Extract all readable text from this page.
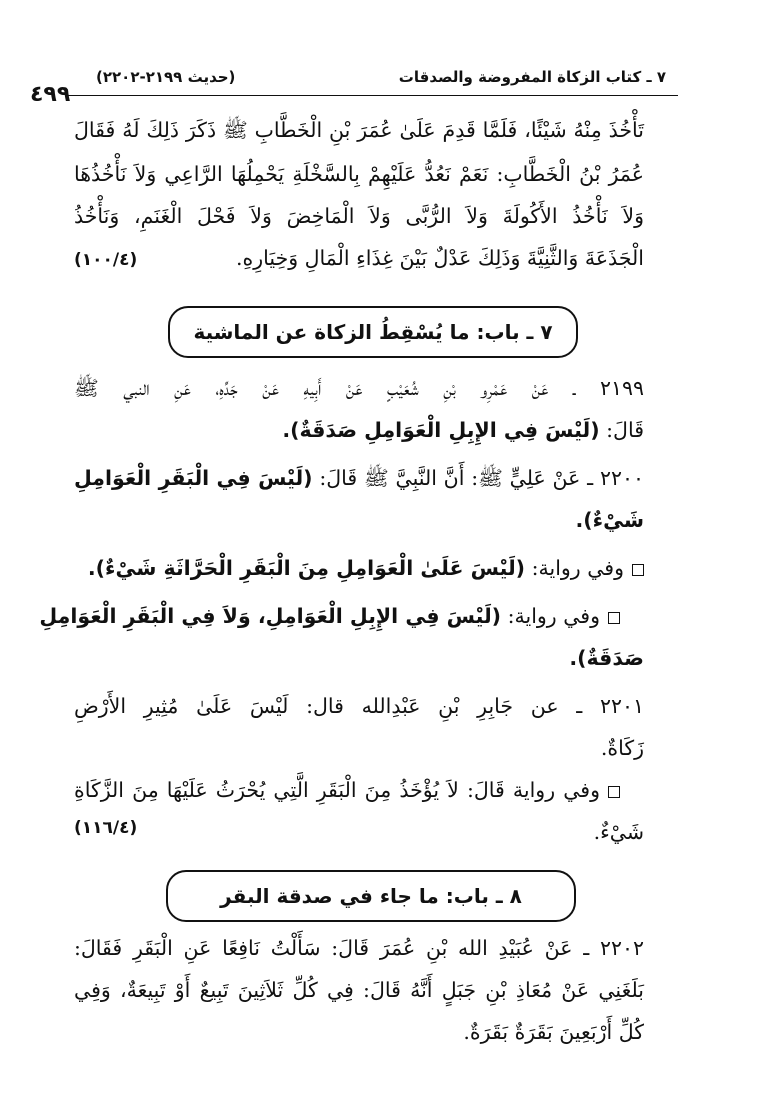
٧ ـ كتاب الزكاة المفروضة والصدقات
(حديث ٢١٩٩-٢٢٠٢)
٤٩٩
تَأْخُذَ مِنْهُ شَيْئًا، فَلَمَّا قَدِمَ عَلَىٰ عُمَرَ بْنِ الْخَطَّابِ ﷺ ذَكَرَ ذَلِكَ لَهُ فَقَالَ
عُمَرُ بْنُ الْخَطَّابِ: نَعَمْ نَعُدُّ عَلَيْهِمْ بِالسَّخْلَةِ يَحْمِلُهَا الرَّاعِي وَلاَ نَأْخُذُهَا
وَلاَ نَأْخُذُ الأَكُولَةَ وَلاَ الرُّبَّى وَلاَ الْمَاخِضَ وَلاَ فَحْلَ الْغَنَمِ، وَنَأْخُذُ
الْجَذَعَةَ وَالثَّنِيَّةَ وَذَلِكَ عَدْلٌ بَيْنَ غِذَاءِ الْمَالِ وَخِيَارِهِ.
(١٠٠/٤)
٧ ـ باب: ما يُسْقِطُ الزكاة عن الماشية
٢١٩٩ ـ عَنْ عَمْرِو بْنِ شُعَيْبٍ عَنْ أَبِيهِ عَنْ جَدِّهِ، عَنِ النبي ﷺ
قَالَ: (لَيْسَ فِي الإِبِلِ الْعَوَامِلِ صَدَقَةٌ).
٢٢٠٠ ـ عَنْ عَلِيٍّ ﷺ: أَنَّ النَّبِيَّ ﷺ قَالَ: (لَيْسَ فِي الْبَقَرِ الْعَوَامِلِ
شَيْءٌ).
وفي رواية: (لَيْسَ عَلَىٰ الْعَوَامِلِ مِنَ الْبَقَرِ الْحَرَّاثَةِ شَيْءٌ).
وفي رواية: (لَيْسَ فِي الإِبِلِ الْعَوَامِلِ، وَلاَ فِي الْبَقَرِ الْعَوَامِلِ
صَدَقَةٌ).
٢٢٠١ ـ عن جَابِرِ بْنِ عَبْدِالله قال: لَيْسَ عَلَىٰ مُثِيرِ الأَرْضِ
زَكَاةٌ.
وفي رواية قَالَ: لاَ يُؤْخَذُ مِنَ الْبَقَرِ الَّتِي يُحْرَثُ عَلَيْهَا مِنَ الزَّكَاةِ
شَيْءٌ.
(١١٦/٤)
٨ ـ باب: ما جاء في صدقة البقر
٢٢٠٢ ـ عَنْ عُبَيْدِ الله بْنِ عُمَرَ قَالَ: سَأَلْتُ نَافِعًا عَنِ الْبَقَرِ فَقَالَ:
بَلَغَنِي عَنْ مُعَاذِ بْنِ جَبَلٍ أَنَّهُ قَالَ: فِي كُلِّ ثَلاَثِينَ تَبِيعٌ أَوْ تَبِيعَةٌ، وَفِي
كُلِّ أَرْبَعِينَ بَقَرَةٌ بَقَرَةٌ.
